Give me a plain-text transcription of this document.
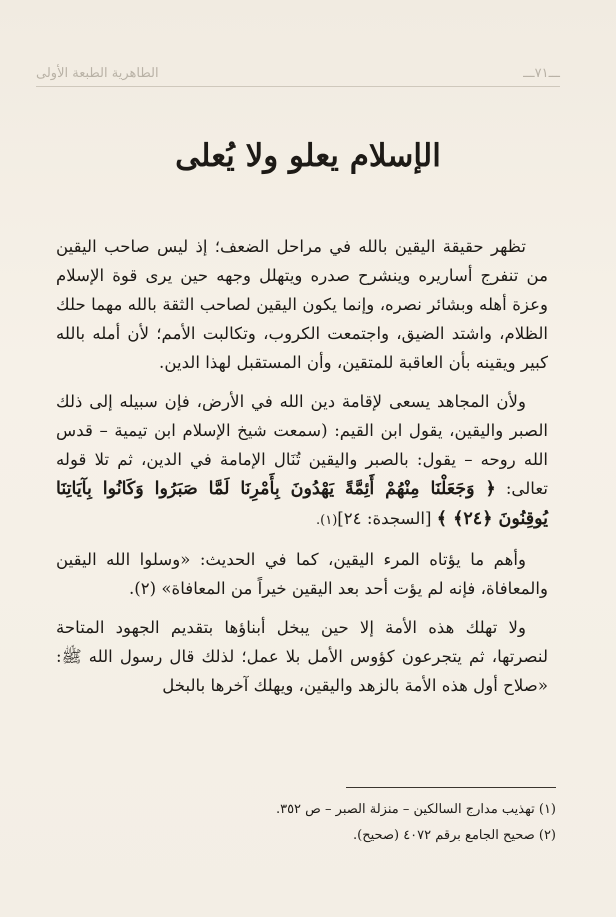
ـــ٧١ـــ
الطاهرية الطبعة الأولى
الإسلام يعلو ولا يُعلى

تظهر حقيقة اليقين بالله في مراحل الضعف؛ إذ ليس صاحب اليقين من تنفرج أساريره وينشرح صدره ويتهلل وجهه حين يرى قوة الإسلام وعزة أهله وبشائر نصره، وإنما يكون اليقين لصاحب الثقة بالله مهما حلك الظلام، واشتد الضيق، واجتمعت الكروب، وتكالبت الأمم؛ لأن أمله بالله كبير ويقينه بأن العاقبة للمتقين، وأن المستقبل لهذا الدين.

ولأن المجاهد يسعى لإقامة دين الله في الأرض، فإن سبيله إلى ذلك الصبر واليقين، يقول ابن القيم: (سمعت شيخ الإسلام ابن تيمية – قدس الله روحه – يقول: بالصبر واليقين تُنَال الإمامة في الدين، ثم تلا قوله تعالى: ﴿ وَجَعَلْنَا مِنْهُمْ أَئِمَّةً يَهْدُونَ بِأَمْرِنَا لَمَّا صَبَرُوا وَكَانُوا بِآيَاتِنَا يُوقِنُونَ ﴿٢٤﴾ ﴾ [السجدة: ٢٤](١).

وأهم ما يؤتاه المرء اليقين، كما في الحديث: «وسلوا الله اليقين والمعافاة، فإنه لم يؤت أحد بعد اليقين خيراً من المعافاة» (٢).

ولا تهلك هذه الأمة إلا حين يبخل أبناؤها بتقديم الجهود المتاحة لنصرتها، ثم يتجرعون كؤوس الأمل بلا عمل؛ لذلك قال رسول الله ﷺ: «صلاح أول هذه الأمة بالزهد واليقين، ويهلك آخرها بالبخل

(١) تهذيب مدارج السالكين – منزلة الصبر – ص ٣٥٢.
(٢) صحيح الجامع برقم ٤٠٧٢ (صحيح).
